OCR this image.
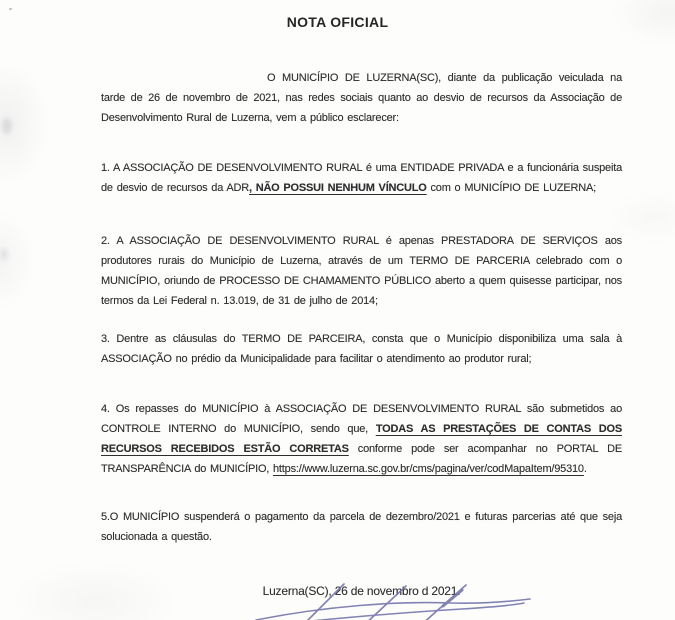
NOTA OFICIAL
O MUNICÍPIO DE LUZERNA(SC), diante da publicação veiculada na tarde de 26 de novembro de 2021, nas redes sociais quanto ao desvio de recursos da Associação de Desenvolvimento Rural de Luzerna, vem a público esclarecer:
1. A ASSOCIAÇÃO DE DESENVOLVIMENTO RURAL é uma ENTIDADE PRIVADA e a funcionária suspeita de desvio de recursos da ADR, NÃO POSSUI NENHUM VÍNCULO com o MUNICÍPIO DE LUZERNA;
2. A ASSOCIAÇÃO DE DESENVOLVIMENTO RURAL é apenas PRESTADORA DE SERVIÇOS aos produtores rurais do Município de Luzerna, através de um TERMO DE PARCERIA celebrado com o MUNICÍPIO, oriundo de PROCESSO DE CHAMAMENTO PÚBLICO aberto a quem quisesse participar, nos termos da Lei Federal n. 13.019, de 31 de julho de 2014;
3. Dentre as cláusulas do TERMO DE PARCEIRA, consta que o Município disponibiliza uma sala à ASSOCIAÇÃO no prédio da Municipalidade para facilitar o atendimento ao produtor rural;
4. Os repasses do MUNICÍPIO à ASSOCIAÇÃO DE DESENVOLVIMENTO RURAL são submetidos ao CONTROLE INTERNO do MUNICÍPIO, sendo que, TODAS AS PRESTAÇÕES DE CONTAS DOS RECURSOS RECEBIDOS ESTÃO CORRETAS conforme pode ser acompanhar no PORTAL DE TRANSPARÊNCIA do MUNICÍPIO, https://www.luzerna.sc.gov.br/cms/pagina/ver/codMapaItem/95310.
5.O MUNICÍPIO suspenderá o pagamento da parcela de dezembro/2021 e futuras parcerias até que seja solucionada a questão.
Luzerna(SC), 26 de novembro d 2021.
